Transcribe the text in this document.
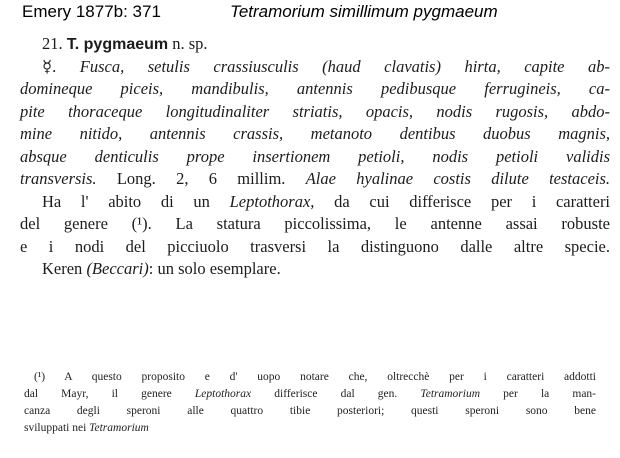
Emery 1877b: 371	Tetramorium simillimum pygmaeum
21. T. pygmaeum n. sp.
☿. Fusca, setulis crassiusculis (haud clavatis) hirta, capite ab-
domineque piceis, mandibulis, antennis pedibusque ferrugineis, ca-
pite thoraceque longitudinaliter striatis, opacis, nodis rugosis, abdo-
mine nitido, antennis crassis, metanoto dentibus duobus magnis,
absque denticulis prope insertionem petioli, nodis petioli validis
transversis. Long. 2, 6 millim. Alae hyalinae costis dilute testaceis.
Ha l' abito di un Leptothorax, da cui differisce per i caratteri
del genere (¹). La statura piccolissima, le antenne assai robuste
e i nodi del picciuolo trasversi la distinguono dalle altre specie.
Keren (Beccari): un solo esemplare.
(¹) A questo proposito e d' uopo notare che, oltrecchè per i caratteri addotti
dal Mayr, il genere Leptothorax differisce dal gen. Tetramorium per la man-
canza degli speroni alle quattro tibie posteriori; questi speroni sono bene
sviluppati nei Tetramorium
